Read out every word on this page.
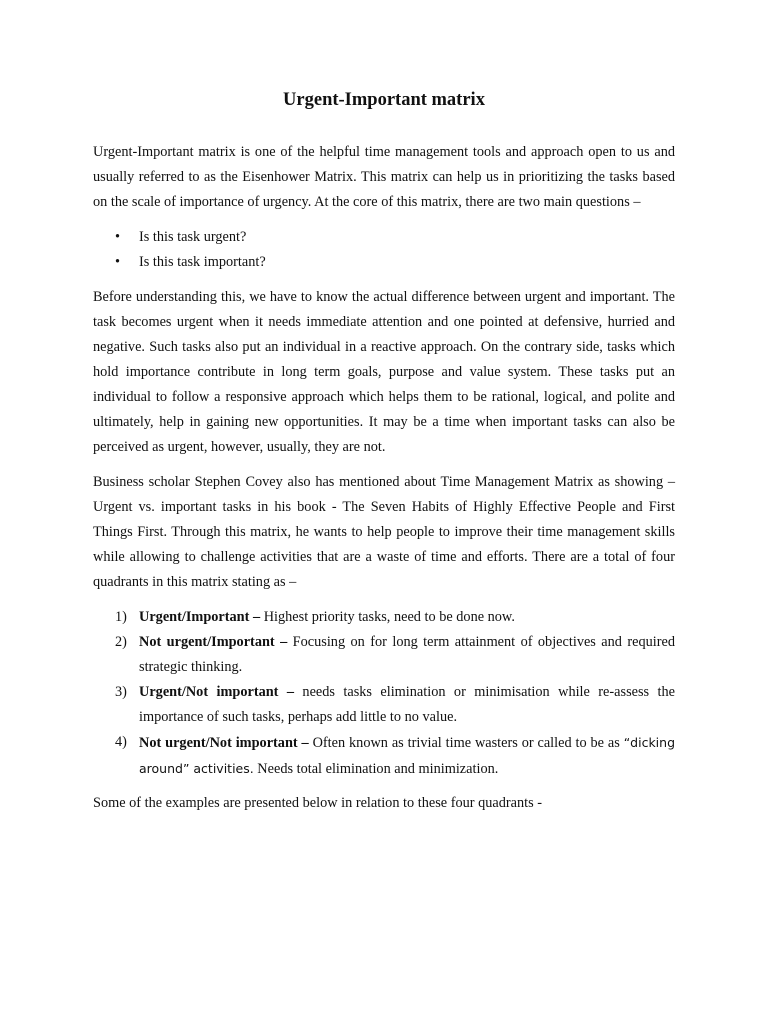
Urgent-Important matrix

Urgent-Important matrix is one of the helpful time management tools and approach open to us and usually referred to as the Eisenhower Matrix. This matrix can help us in prioritizing the tasks based on the scale of importance of urgency. At the core of this matrix, there are two main questions –

• Is this task urgent?
• Is this task important?

Before understanding this, we have to know the actual difference between urgent and important. The task becomes urgent when it needs immediate attention and one pointed at defensive, hurried and negative. Such tasks also put an individual in a reactive approach. On the contrary side, tasks which hold importance contribute in long term goals, purpose and value system. These tasks put an individual to follow a responsive approach which helps them to be rational, logical, and polite and ultimately, help in gaining new opportunities. It may be a time when important tasks can also be perceived as urgent, however, usually, they are not.

Business scholar Stephen Covey also has mentioned about Time Management Matrix as showing – Urgent vs. important tasks in his book - The Seven Habits of Highly Effective People and First Things First. Through this matrix, he wants to help people to improve their time management skills while allowing to challenge activities that are a waste of time and efforts. There are a total of four quadrants in this matrix stating as –

1) Urgent/Important – Highest priority tasks, need to be done now.
2) Not urgent/Important – Focusing on for long term attainment of objectives and required strategic thinking.
3) Urgent/Not important – needs tasks elimination or minimisation while re-assess the importance of such tasks, perhaps add little to no value.
4) Not urgent/Not important – Often known as trivial time wasters or called to be as “dicking around” activities. Needs total elimination and minimization.

Some of the examples are presented below in relation to these four quadrants -
